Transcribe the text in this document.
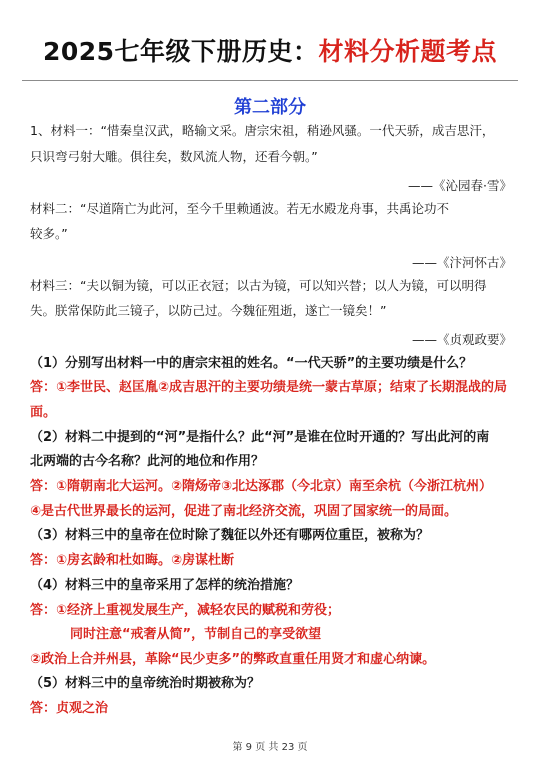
2025七年级下册历史：材料分析题考点
第二部分
1、材料一：“惜秦皇汉武，略输文采。唐宗宋祖，稍逊风骚。一代天骄，成吉思汗，
只识弯弓射大雕。俱往矣，数风流人物，还看今朝。”
——《沁园春·雪》
材料二：“尽道隋亡为此河，至今千里赖通波。若无水殿龙舟事，共禹论功不
较多。”
——《汴河怀古》
材料三：“夫以铜为镜，可以正衣冠；以古为镜，可以知兴替；以人为镜，可以明得
失。朕常保防此三镜子，以防己过。今魏征殂逝，遂亡一镜矣！”
——《贞观政要》
（1）分别写出材料一中的唐宗宋祖的姓名。“一代天骄”的主要功绩是什么？
答：①李世民、赵匡胤②成吉思汗的主要功绩是统一蒙古草原；结束了长期混战的局
面。
（2）材料二中提到的“河”是指什么？此“河”是谁在位时开通的？写出此河的南
北两端的古今名称？此河的地位和作用？
答：①隋朝南北大运河。②隋炀帝③北达涿郡（今北京）南至余杭（今浙江杭州）
④是古代世界最长的运河，促进了南北经济交流，巩固了国家统一的局面。
（3）材料三中的皇帝在位时除了魏征以外还有哪两位重臣，被称为？
答：①房玄龄和杜如晦。②房谋杜断
（4）材料三中的皇帝采用了怎样的统治措施？
答：①经济上重视发展生产，减轻农民的赋税和劳役；
同时注意“戒奢从简”，节制自己的享受欲望
②政治上合并州县，革除“民少吏多”的弊政直重任用贤才和虚心纳谏。
（5）材料三中的皇帝统治时期被称为？
答：贞观之治
第 9 页 共 23 页
